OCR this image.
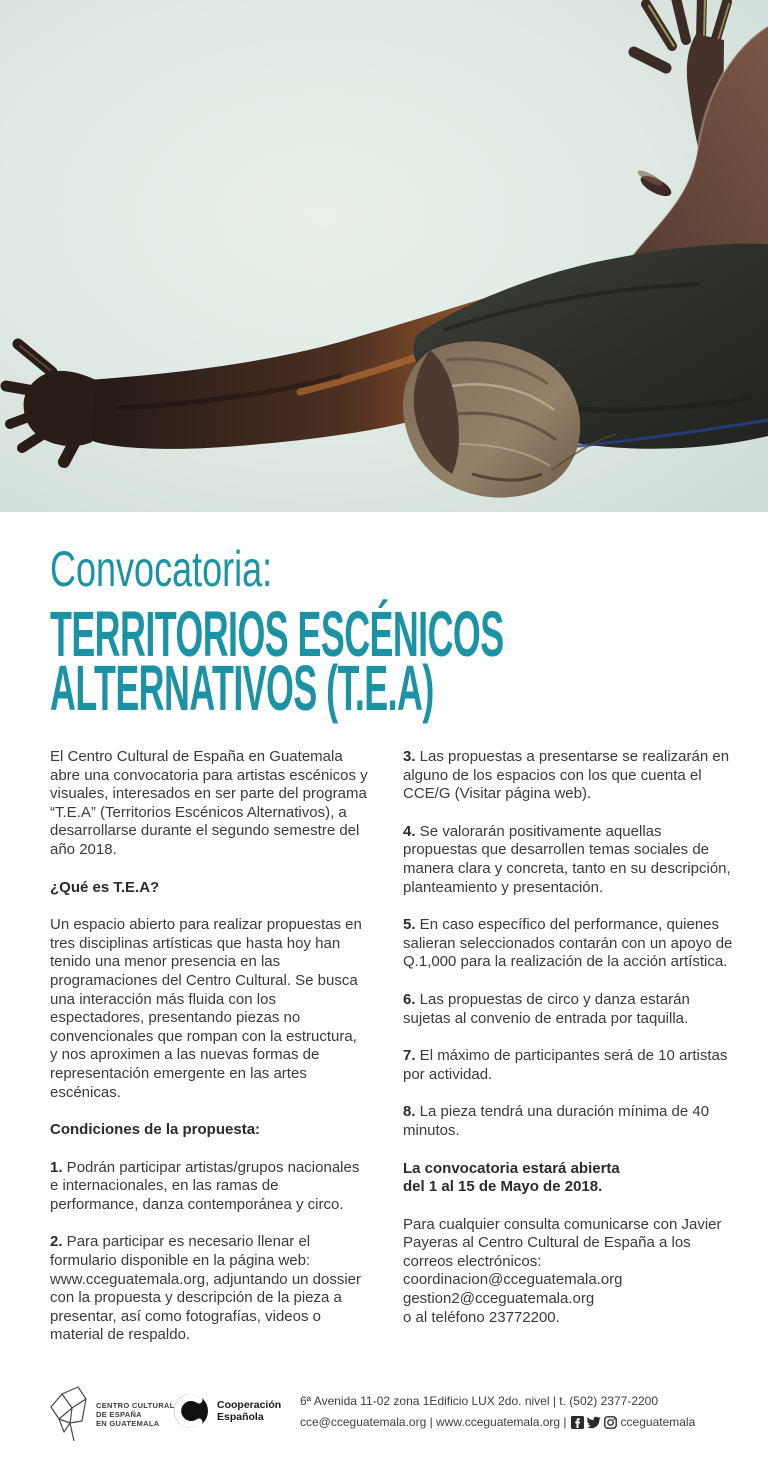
Convocatoria:
TERRITORIOS ESCÉNICOS
ALTERNATIVOS (T.E.A)

El Centro Cultural de España en Guatemala abre una convocatoria para artistas escénicos y visuales, interesados en ser parte del programa “T.E.A” (Territorios Escénicos Alternativos), a desarrollarse durante el segundo semestre del año 2018.

¿Qué es T.E.A?

Un espacio abierto para realizar propuestas en tres disciplinas artísticas que hasta hoy han tenido una menor presencia en las programaciones del Centro Cultural. Se busca una interacción más fluida con los espectadores, presentando piezas no convencionales que rompan con la estructura, y nos aproximen a las nuevas formas de representación emergente en las artes escénicas.

Condiciones de la propuesta:

1. Podrán participar artistas/grupos nacionales e internacionales, en las ramas de performance, danza contemporánea y circo.

2. Para participar es necesario llenar el formulario disponible en la página web: www.cceguatemala.org, adjuntando un dossier con la propuesta y descripción de la pieza a presentar, así como fotografías, videos o material de respaldo.

3. Las propuestas a presentarse se realizarán en alguno de los espacios con los que cuenta el CCE/G (Visitar página web).

4. Se valorarán positivamente aquellas propuestas que desarrollen temas sociales de manera clara y concreta, tanto en su descripción, planteamiento y presentación.

5. En caso específico del performance, quienes salieran seleccionados contarán con un apoyo de Q.1,000 para la realización de la acción artística.

6. Las propuestas de circo y danza estarán sujetas al convenio de entrada por taquilla.

7. El máximo de participantes será de 10 artistas por actividad.

8. La pieza tendrá una duración mínima de 40 minutos.

La convocatoria estará abierta
del 1 al 15 de Mayo de 2018.

Para cualquier consulta comunicarse con Javier Payeras al Centro Cultural de España a los correos electrónicos:
coordinacion@cceguatemala.org
gestion2@cceguatemala.org
o al teléfono 23772200.

CENTRO CULTURAL
DE ESPAÑA
EN GUATEMALA
Cooperación
Española
6ª Avenida 11-02 zona 1Edificio LUX 2do. nivel | t. (502) 2377-2200
cce@cceguatemala.org | www.cceguatemala.org |	cceguatemala
